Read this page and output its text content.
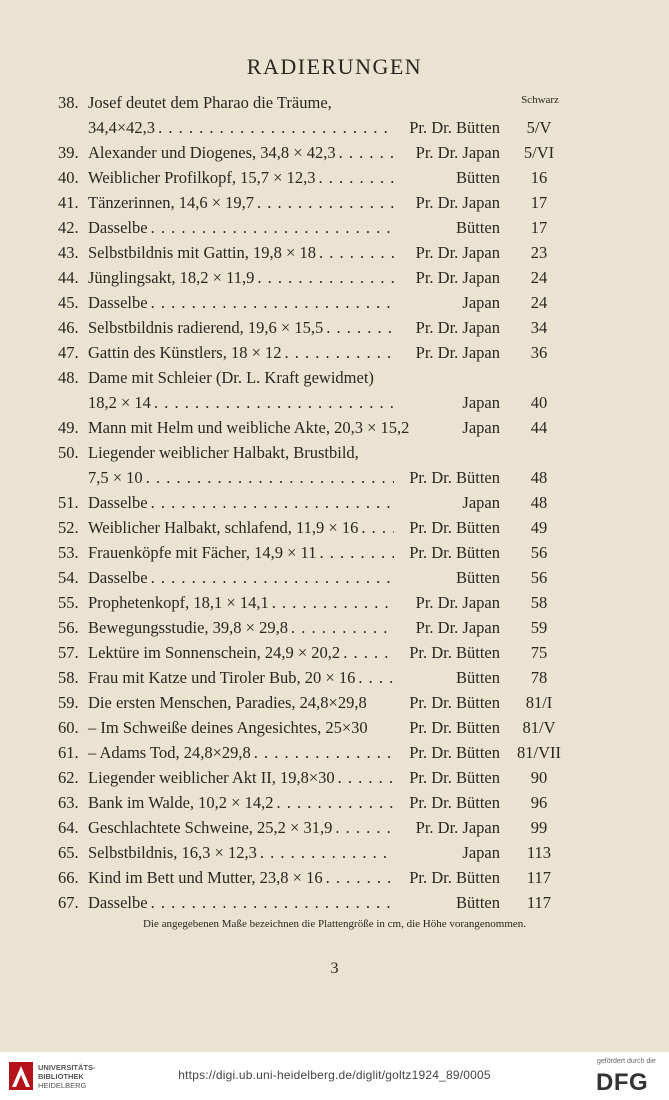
RADIERUNGEN
Schwarz
38. Josef deutet dem Pharao die Träume,
34,4×42,3 . . .	Pr. Dr. Bütten	5/V
39. Alexander und Diogenes, 34,8 × 42,3 . . .	Pr. Dr. Japan	5/VI
40. Weiblicher Profilkopf, 15,7 × 12,3 . . .	Bütten	16
41. Tänzerinnen, 14,6 × 19,7 . . .	Pr. Dr. Japan	17
42. Dasselbe . . .	Bütten	17
43. Selbstbildnis mit Gattin, 19,8 × 18 . . .	Pr. Dr. Japan	23
44. Jünglingsakt, 18,2 × 11,9 . . .	Pr. Dr. Japan	24
45. Dasselbe . . .	Japan	24
46. Selbstbildnis radierend, 19,6 × 15,5 . . .	Pr. Dr. Japan	34
47. Gattin des Künstlers, 18 × 12 . . .	Pr. Dr. Japan	36
48. Dame mit Schleier (Dr. L. Kraft gewidmet)
18,2 × 14 . . .	Japan	40
49. Mann mit Helm und weibliche Akte, 20,3 × 15,2	Japan	44
50. Liegender weiblicher Halbakt, Brustbild,
7,5 × 10 . . .	Pr. Dr. Bütten	48
51. Dasselbe . . .	Japan	48
52. Weiblicher Halbakt, schlafend, 11,9 × 16 . . .	Pr. Dr. Bütten	49
53. Frauenköpfe mit Fächer, 14,9 × 11 . . .	Pr. Dr. Bütten	56
54. Dasselbe . . .	Bütten	56
55. Prophetenkopf, 18,1 × 14,1 . . .	Pr. Dr. Japan	58
56. Bewegungsstudie, 39,8 × 29,8 . . .	Pr. Dr. Japan	59
57. Lektüre im Sonnenschein, 24,9 × 20,2 . . .	Pr. Dr. Bütten	75
58. Frau mit Katze und Tiroler Bub, 20 × 16 . . .	Bütten	78
59. Die ersten Menschen, Paradies, 24,8×29,8	Pr. Dr. Bütten	81/I
60. – Im Schweiße deines Angesichtes, 25×30	Pr. Dr. Bütten	81/V
61. – Adams Tod, 24,8×29,8 . . .	Pr. Dr. Bütten	81/VII
62. Liegender weiblicher Akt II, 19,8×30 . . .	Pr. Dr. Bütten	90
63. Bank im Walde, 10,2 × 14,2 . . .	Pr. Dr. Bütten	96
64. Geschlachtete Schweine, 25,2 × 31,9 . . .	Pr. Dr. Japan	99
65. Selbstbildnis, 16,3 × 12,3 . . .	Japan	113
66. Kind im Bett und Mutter, 23,8 × 16 . . .	Pr. Dr. Bütten	117
67. Dasselbe . . .	Bütten	117
Die angegebenen Maße bezeichnen die Plattengröße in cm, die Höhe vorangenommen.
3
UNIVERSITÄTS-
BIBLIOTHEK
HEIDELBERG
https://digi.ub.uni-heidelberg.de/diglit/goltz1924_89/0005
gefördert durch die
DFG
